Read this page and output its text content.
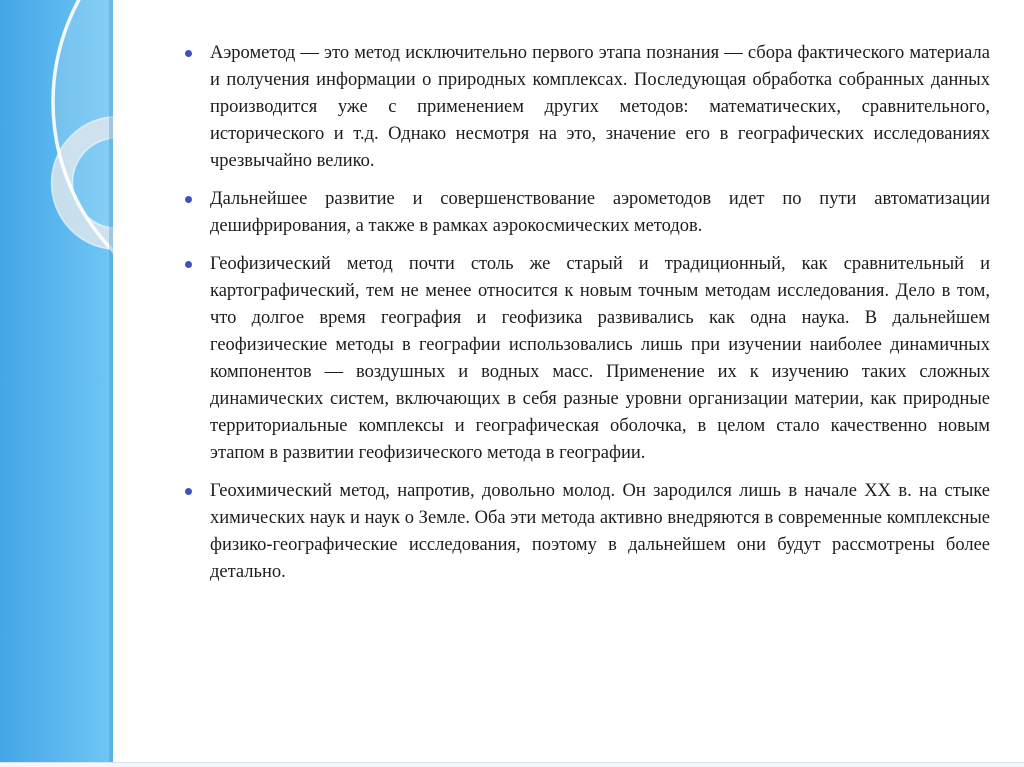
Аэрометод — это метод исключительно первого этапа познания — сбора фактического материала и получения информации о природных комплексах. Последующая обработка собранных данных производится уже с применением других методов: математических, сравнительного, исторического и т.д. Однако несмотря на это, значение его в географических исследованиях чрезвычайно велико.
Дальнейшее развитие и совершенствование аэрометодов идет по пути автоматизации дешифрирования, а также в рамках аэрокосмических методов.
Геофизический метод почти столь же старый и традиционный, как сравнительный и картографический, тем не менее относится к новым точным методам исследования. Дело в том, что долгое время география и геофизика развивались как одна наука. В дальнейшем геофизические методы в географии использовались лишь при изучении наиболее динамичных компонентов — воздушных и водных масс. Применение их к изучению таких сложных динамических систем, включающих в себя разные уровни организации материи, как природные территориальные комплексы и географическая оболочка, в целом стало качественно новым этапом в развитии геофизического метода в географии.
Геохимический метод, напротив, довольно молод. Он зародился лишь в начале XX в. на стыке химических наук и наук о Земле. Оба эти метода активно внедряются в современные комплексные физико-географические исследования, поэтому в дальнейшем они будут рассмотрены более детально.
